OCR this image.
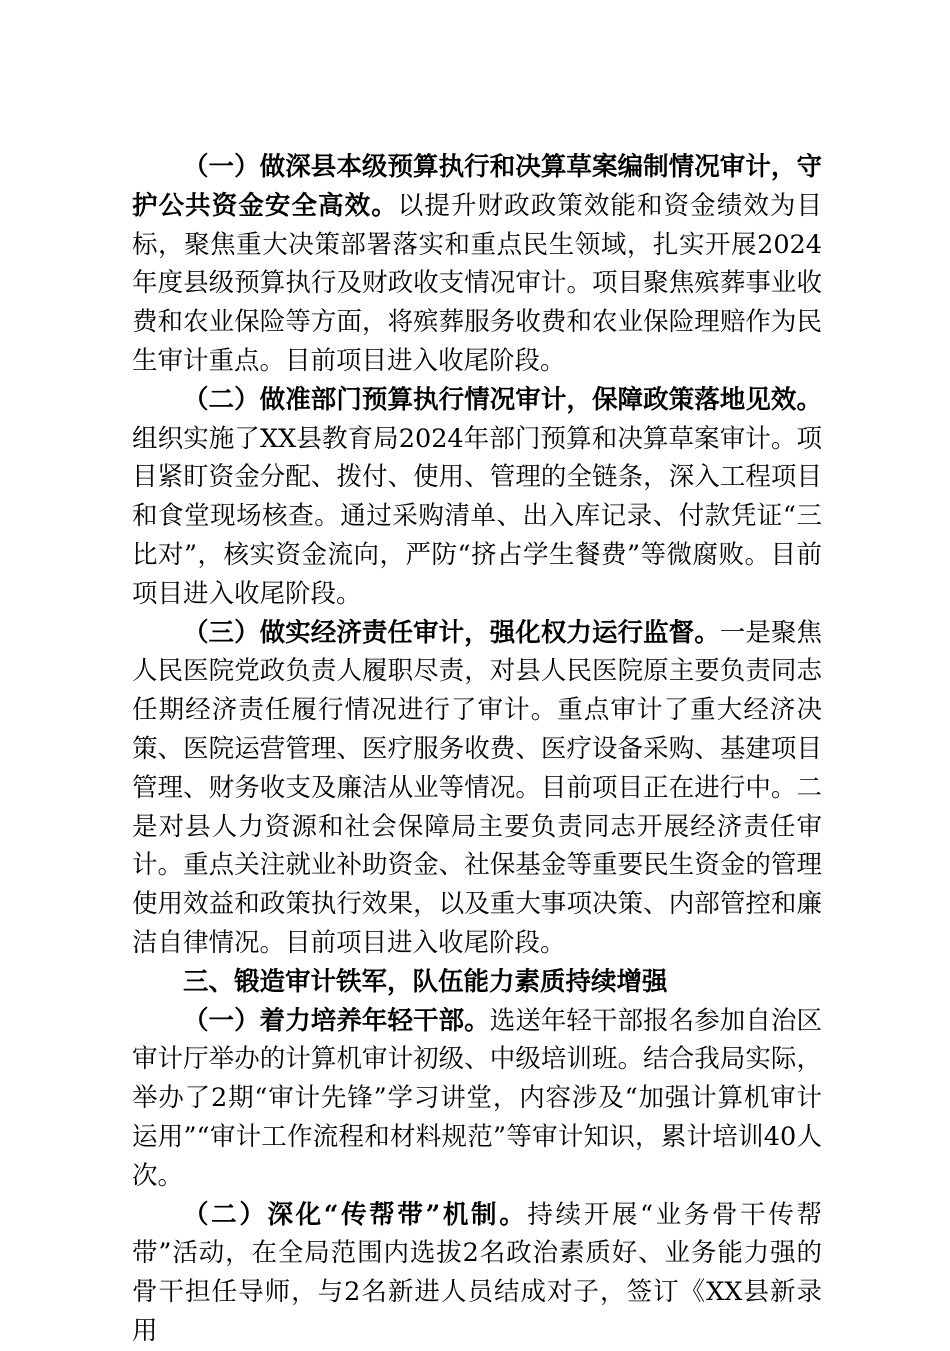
（一）做深县本级预算执行和决算草案编制情况审计，守护公共资金安全高效。以提升财政政策效能和资金绩效为目标，聚焦重大决策部署落实和重点民生领域，扎实开展2024年度县级预算执行及财政收支情况审计。项目聚焦殡葬事业收费和农业保险等方面，将殡葬服务收费和农业保险理赔作为民生审计重点。目前项目进入收尾阶段。

（二）做准部门预算执行情况审计，保障政策落地见效。组织实施了XX县教育局2024年部门预算和决算草案审计。项目紧盯资金分配、拨付、使用、管理的全链条，深入工程项目和食堂现场核查。通过采购清单、出入库记录、付款凭证“三比对”，核实资金流向，严防“挤占学生餐费”等微腐败。目前项目进入收尾阶段。

（三）做实经济责任审计，强化权力运行监督。一是聚焦人民医院党政负责人履职尽责，对县人民医院原主要负责同志任期经济责任履行情况进行了审计。重点审计了重大经济决策、医院运营管理、医疗服务收费、医疗设备采购、基建项目管理、财务收支及廉洁从业等情况。目前项目正在进行中。二是对县人力资源和社会保障局主要负责同志开展经济责任审计。重点关注就业补助资金、社保基金等重要民生资金的管理使用效益和政策执行效果，以及重大事项决策、内部管控和廉洁自律情况。目前项目进入收尾阶段。

三、锻造审计铁军，队伍能力素质持续增强

（一）着力培养年轻干部。选送年轻干部报名参加自治区审计厅举办的计算机审计初级、中级培训班。结合我局实际，举办了2期“审计先锋”学习讲堂，内容涉及“加强计算机审计运用”“审计工作流程和材料规范”等审计知识，累计培训40人次。

（二）深化“传帮带”机制。持续开展“业务骨干传帮带”活动，在全局范围内选拔2名政治素质好、业务能力强的骨干担任导师，与2名新进人员结成对子，签订《XX县新录用
